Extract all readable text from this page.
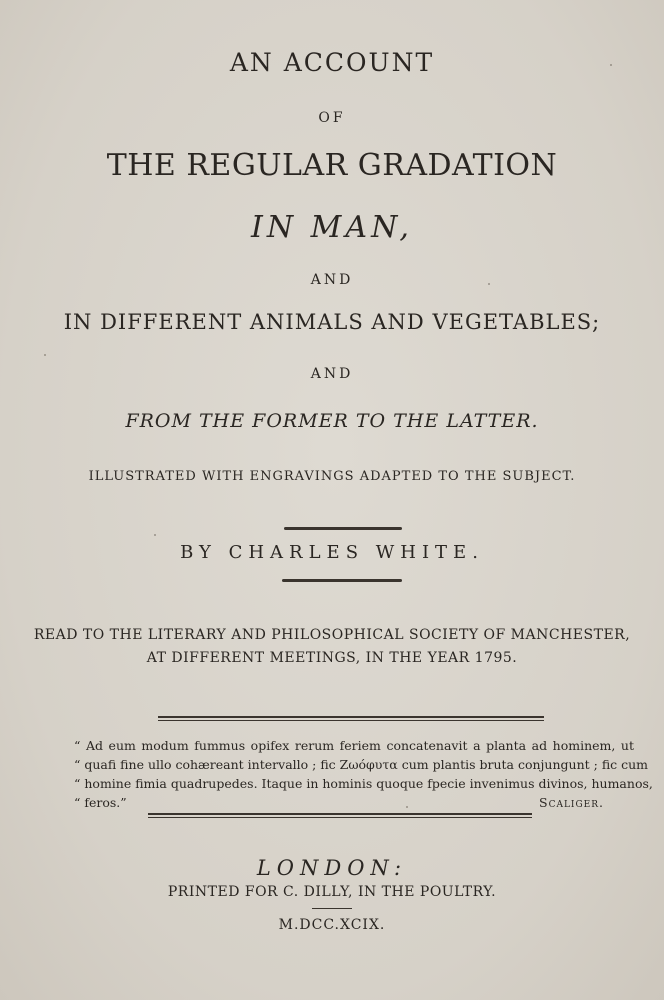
AN ACCOUNT
OF
THE REGULAR GRADATION
IN MAN,
AND
IN DIFFERENT ANIMALS AND VEGETABLES;
AND
FROM THE FORMER TO THE LATTER.
ILLUSTRATED WITH ENGRAVINGS ADAPTED TO THE SUBJECT.
BY CHARLES WHITE.
READ TO THE LITERARY AND PHILOSOPHICAL SOCIETY OF MANCHESTER,
AT DIFFERENT MEETINGS, IN THE YEAR 1795.
“ Ad eum modum fummus opifex rerum feriem concatenavit a planta ad hominem, ut
“ quafi fine ullo cohæreant intervallo ; fic Ζωόφυτα cum plantis bruta conjungunt ; fic cum
“ homine fimia quadrupedes. Itaque in hominis quoque fpecie invenimus divinos, humanos,
“ feros.”	Scaliger.
LONDON:
PRINTED FOR C. DILLY, IN THE POULTRY.
M.DCC.XCIX.
